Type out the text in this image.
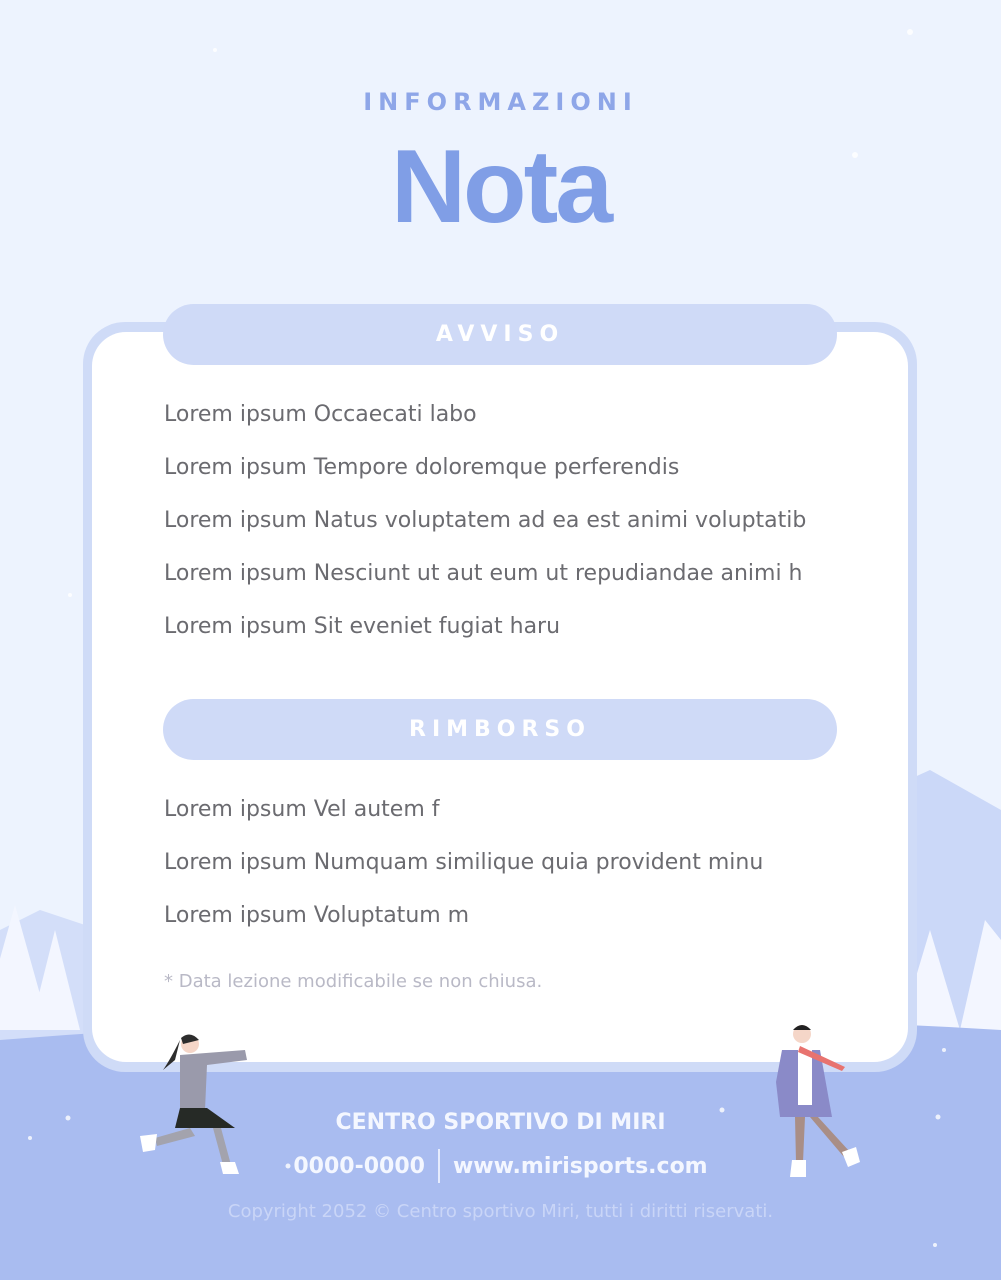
INFORMAZIONI
Nota
AVVISO
Lorem ipsum Occaecati labo
Lorem ipsum Tempore doloremque perferendis
Lorem ipsum Natus voluptatem ad ea est animi voluptatib
Lorem ipsum Nesciunt ut aut eum ut repudiandae animi h
Lorem ipsum Sit eveniet fugiat haru
RIMBORSO
Lorem ipsum Vel autem f
Lorem ipsum Numquam similique quia provident minu
Lorem ipsum Voluptatum m
* Data lezione modificabile se non chiusa.
CENTRO SPORTIVO DI MIRI
0000-0000 www.mirisports.com
Copyright 2052 © Centro sportivo Miri, tutti i diritti riservati.
